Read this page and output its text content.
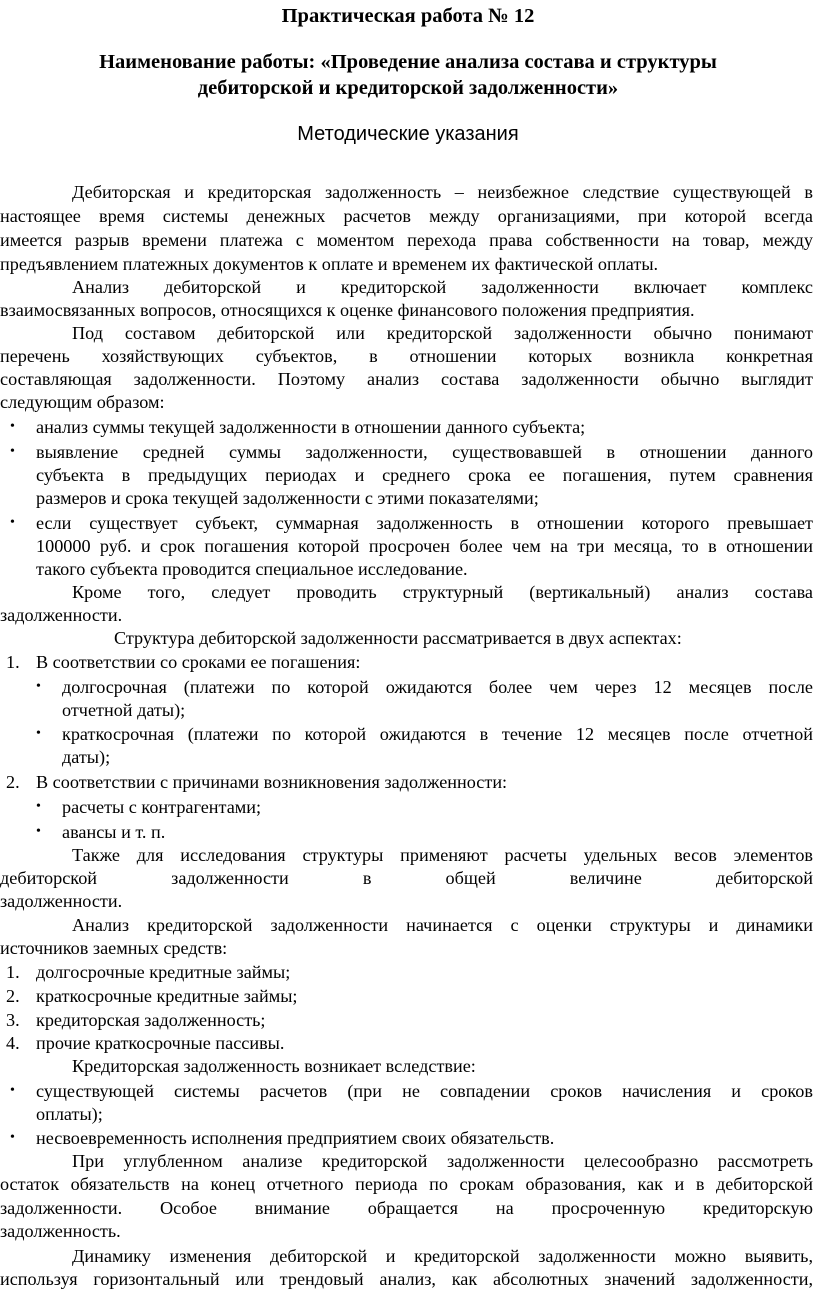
Практическая работа № 12
Наименование работы: «Проведение анализа состава и структуры
дебиторской и кредиторской задолженности»
Методические указания
Дебиторская и кредиторская задолженность – неизбежное следствие существующей в
настоящее время системы денежных расчетов между организациями, при которой всегда
имеется разрыв времени платежа с моментом перехода права собственности на товар, между
предъявлением платежных документов к оплате и временем их фактической оплаты.
Анализ дебиторской и кредиторской задолженности включает комплекс
взаимосвязанных вопросов, относящихся к оценке финансового положения предприятия.
Под составом дебиторской или кредиторской задолженности обычно понимают
перечень хозяйствующих субъектов, в отношении которых возникла конкретная
составляющая задолженности. Поэтому анализ состава задолженности обычно выглядит
следующим образом:
анализ суммы текущей задолженности в отношении данного субъекта;
•
выявление средней суммы задолженности, существовавшей в отношении данного
•
субъекта в предыдущих периодах и среднего срока ее погашения, путем сравнения
размеров и срока текущей задолженности с этими показателями;
если существует субъект, суммарная задолженность в отношении которого превышает
•
100000 руб. и срок погашения которой просрочен более чем на три месяца, то в отношении
такого субъекта проводится специальное исследование.
Кроме того, следует проводить структурный (вертикальный) анализ состава
задолженности.
Структура дебиторской задолженности рассматривается в двух аспектах:
В соответствии со сроками ее погашения:
1.
долгосрочная (платежи по которой ожидаются более чем через 12 месяцев после
•
отчетной даты);
краткосрочная (платежи по которой ожидаются в течение 12 месяцев после отчетной
•
даты);
В соответствии с причинами возникновения задолженности:
2.
расчеты с контрагентами;
•
авансы и т. п.
•
Также для исследования структуры применяют расчеты удельных весов элементов
дебиторской задолженности в общей величине дебиторской
задолженности.
Анализ кредиторской задолженности начинается с оценки структуры и динамики
источников заемных средств:
долгосрочные кредитные займы;
1.
краткосрочные кредитные займы;
2.
кредиторская задолженность;
3.
прочие краткосрочные пассивы.
4.
Кредиторская задолженность возникает вследствие:
существующей системы расчетов (при не совпадении сроков начисления и сроков
•
оплаты);
несвоевременность исполнения предприятием своих обязательств.
•
При углубленном анализе кредиторской задолженности целесообразно рассмотреть
остаток обязательств на конец отчетного периода по срокам образования, как и в дебиторской
задолженности. Особое внимание обращается на просроченную кредиторскую
задолженность.
Динамику изменения дебиторской и кредиторской задолженности можно выявить,
используя горизонтальный или трендовый анализ, как абсолютных значений задолженности,
